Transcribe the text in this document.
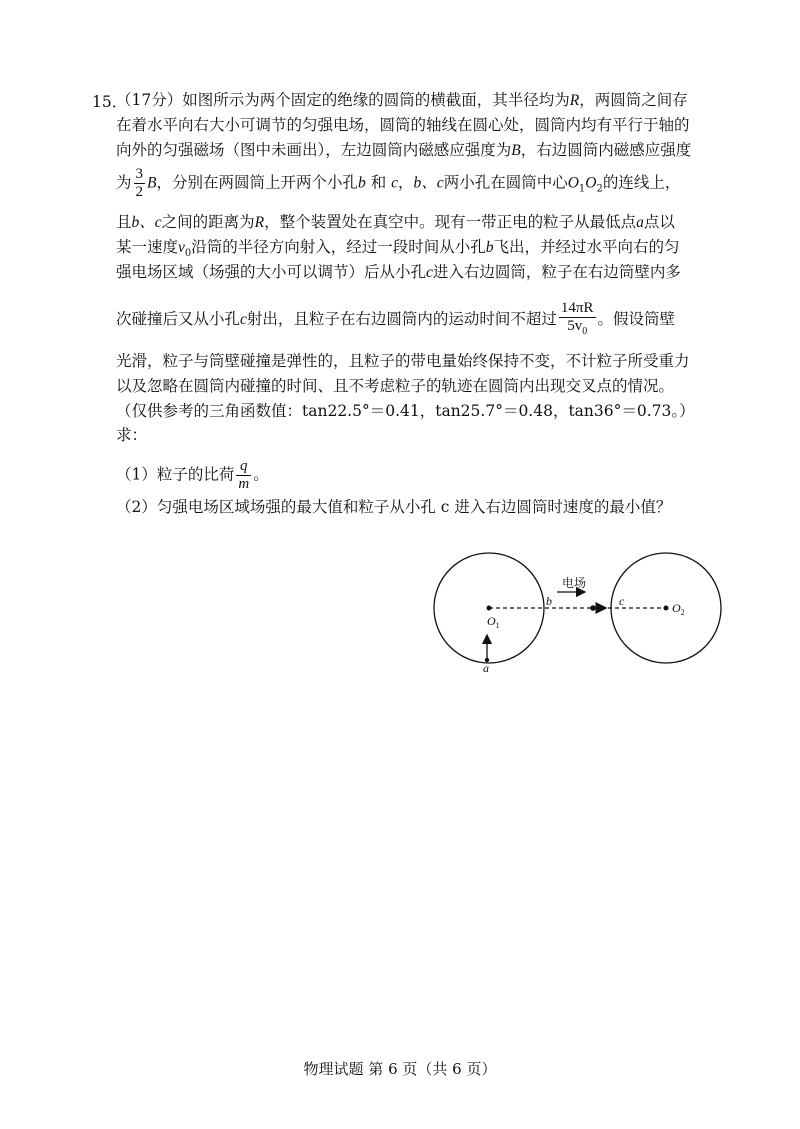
15．
（17分）如图所示为两个固定的绝缘的圆筒的横截面，其半径均为R，两圆筒之间存
在着水平向右大小可调节的匀强电场，圆筒的轴线在圆心处，圆筒内均有平行于轴的
向外的匀强磁场（图中未画出），左边圆筒内磁感应强度为B，右边圆筒内磁感应强度
为 $\frac{3}{2}$ B，分别在两圆筒上开两个小孔b 和 c，b、c两小孔在圆筒中心$O_1O_2$的连线上，
且b、c之间的距离为R，整个装置处在真空中。现有一带正电的粒子从最低点a点以
某一速度$v_0$沿筒的半径方向射入，经过一段时间从小孔b飞出，并经过水平向右的匀
强电场区域（场强的大小可以调节）后从小孔c进入右边圆筒，粒子在右边筒壁内多
次碰撞后又从小孔c射出，且粒子在右边圆筒内的运动时间不超过 $\frac{14\pi R}{5v_0}$ 。假设筒壁
光滑，粒子与筒壁碰撞是弹性的，且粒子的带电量始终保持不变，不计粒子所受重力
以及忽略在圆筒内碰撞的时间、且不考虑粒子的轨迹在圆筒内出现交叉点的情况。
（仅供参考的三角函数值：tan22.5°＝0.41，tan25.7°＝0.48，tan36°＝0.73。）
求：
（1）粒子的比荷 $\frac{q}{m}$ 。
（2）匀强电场区域场强的最大值和粒子从小孔 c 进入右边圆筒时速度的最小值？
电场
b	c
a
$O_1$
$O_2$
物理试题 第 6 页（共 6 页）
